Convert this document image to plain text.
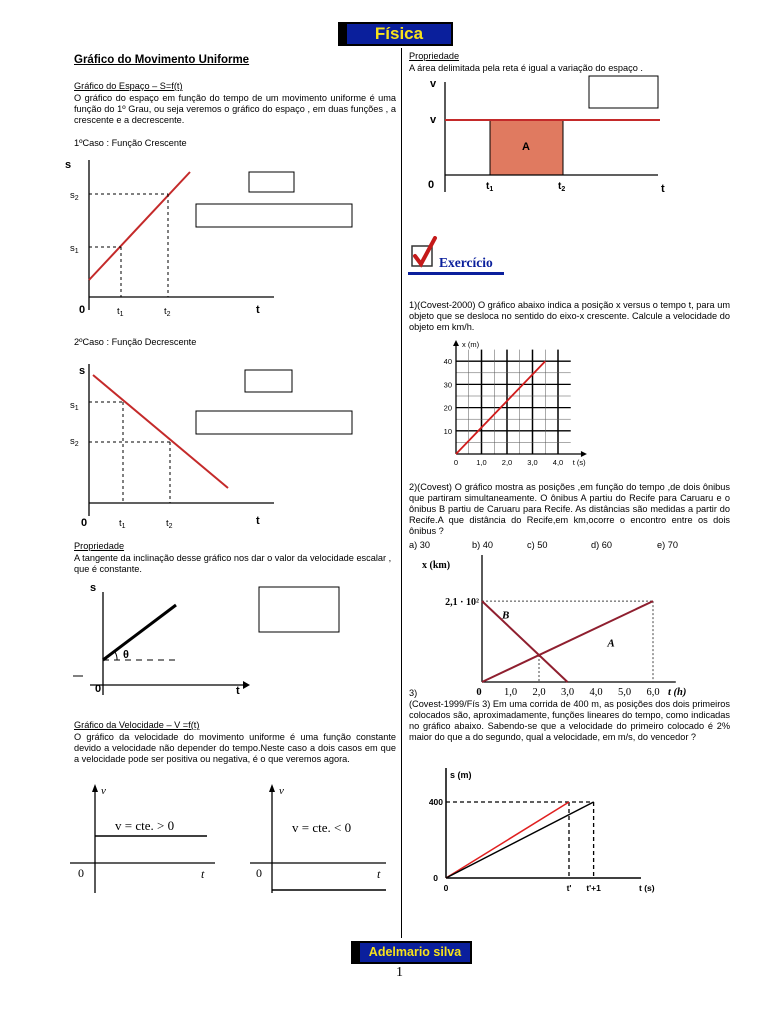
Física
Gráfico do Movimento Uniforme
Gráfico do Espaço – S=f(t)
O gráfico do espaço em função do tempo de um movimento uniforme é uma função do 1º Grau, ou seja veremos o gráfico do espaço , em duas funções , a crescente e a decrescente.
1ºCaso : Função Crescente
s
$s_2$
$s_1$
0	$t_1$	$t_2$	t
2ºCaso : Função Decrescente
s
$s_1$
$s_2$
0	$t_1$	$t_2$	t
Propriedade
A tangente da inclinação desse gráfico nos dar o valor da velocidade escalar , que é constante.
s
θ
0	t
Gráfico da Velocidade – V =f(t)
O gráfico da velocidade do movimento uniforme é uma função constante devido a velocidade não depender do tempo.Neste caso a dois casos em que a velocidade pode ser positiva ou negativa, é o que veremos agora.
v
v = cte. > 0
0	t
v
v = cte. < 0
0	t
Propriedade
A área delimitada pela reta é igual a variação do espaço .
v
v
A
0	$t_1$	$t_2$	t
Exercício
1)(Covest-2000) O gráfico abaixo indica a posição x versus o tempo t, para um objeto que se desloca no sentido do eixo-x crescente. Calcule a velocidade do objeto em km/h.
x (m)
t (s)
10
20
30
40
0 1,0 2,0 3,0 4,0
2)(Covest) O gráfico mostra as posições ,em função do tempo ,de dois ônibus que partiram simultaneamente. O ônibus A partiu do Recife para Caruaru e o ônibus B partiu de Caruaru para Recife. As distâncias são medidas a partir do Recife.A que distância do Recife,em km,ocorre o encontro entre os dois ônibus ?
a) 30	b) 40	c) 50	d) 60	e) 70
B
A
x (km)
2,1 · 10²
0 1,0 2,0 3,0 4,0 5,0 6,0 t (h)
3)
(Covest-1999/Fís 3) Em uma corrida de 400 m, as posições dos dois primeiros colocados são, aproximadamente, funções lineares do tempo, como indicadas no gráfico abaixo. Sabendo-se que a velocidade do primeiro colocado é 2% maior do que a do segundo, qual a velocidade, em m/s, do vencedor ?
s (m)
400
0
0	t' t'+1	t (s)
Adelmario silva
1
